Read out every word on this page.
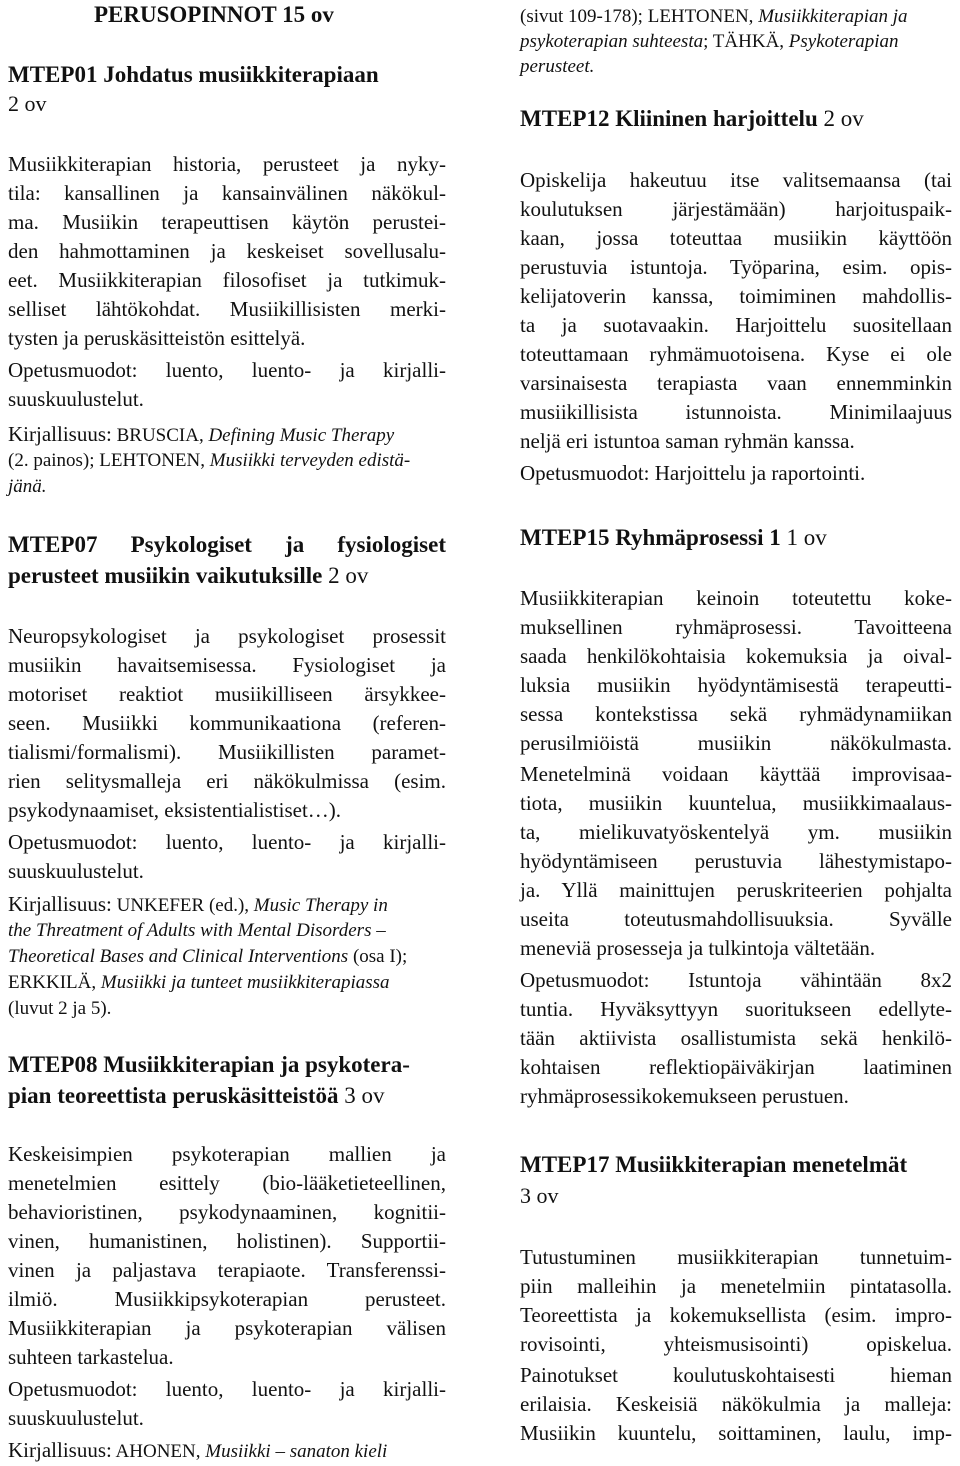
PERUSOPINNOT 15 ov
MTEP01 Johdatus musiikkiterapiaan
2 ov
Musiikkiterapian historia, perusteet ja nyky-
tila: kansallinen ja kansainvälinen näkökul-
ma. Musiikin terapeuttisen käytön perustei-
den hahmottaminen ja keskeiset sovellusalu-
eet. Musiikkiterapian filosofiset ja tutkimuk-
selliset lähtökohdat. Musiikillisisten merki-
tysten ja peruskäsitteistön esittelyä.
Opetusmuodot: luento, luento- ja kirjalli-
suuskuulustelut.
Kirjallisuus: BRUSCIA, Defining Music Therapy
(2. painos); LEHTONEN, Musiikki terveyden edistä-
jänä.
MTEP07 Psykologiset ja fysiologiset
perusteet musiikin vaikutuksille 2 ov
Neuropsykologiset ja psykologiset prosessit
musiikin havaitsemisessa. Fysiologiset ja
motoriset reaktiot musiikilliseen ärsykkee-
seen. Musiikki kommunikaationa (referen-
tialismi/formalismi). Musiikillisten paramet-
rien selitysmalleja eri näkökulmissa (esim.
psykodynaamiset, eksistentialistiset…).
Opetusmuodot: luento, luento- ja kirjalli-
suuskuulustelut.
Kirjallisuus: UNKEFER (ed.), Music Therapy in
the Threatment of Adults with Mental Disorders –
Theoretical Bases and Clinical Interventions (osa I);
ERKKILÄ, Musiikki ja tunteet musiikkiterapiassa
(luvut 2 ja 5).
MTEP08 Musiikkiterapian ja psykotera-
pian teoreettista peruskäsitteistöä 3 ov
Keskeisimpien psykoterapian mallien ja
menetelmien esittely (bio-lääketieteellinen,
behavioristinen, psykodynaaminen, kognitii-
vinen, humanistinen, holistinen). Supportii-
vinen ja paljastava terapiaote. Transferenssi-
ilmiö. Musiikkipsykoterapian perusteet.
Musiikkiterapian ja psykoterapian välisen
suhteen tarkastelua.
Opetusmuodot: luento, luento- ja kirjalli-
suuskuulustelut.
Kirjallisuus: AHONEN, Musiikki – sanaton kieli
(sivut 109-178); LEHTONEN, Musiikkiterapian ja
psykoterapian suhteesta; TÄHKÄ, Psykoterapian
perusteet.
MTEP12 Kliininen harjoittelu 2 ov
Opiskelija hakeutuu itse valitsemaansa (tai
koulutuksen järjestämään) harjoituspaik-
kaan, jossa toteuttaa musiikin käyttöön
perustuvia istuntoja. Työparina, esim. opis-
kelijatoverin kanssa, toimiminen mahdollis-
ta ja suotavaakin. Harjoittelu suositellaan
toteuttamaan ryhmämuotoisena. Kyse ei ole
varsinaisesta terapiasta vaan ennemminkin
musiikillisista istunnoista. Minimilaajuus
neljä eri istuntoa saman ryhmän kanssa.
Opetusmuodot: Harjoittelu ja raportointi.
MTEP15 Ryhmäprosessi 1 1 ov
Musiikkiterapian keinoin toteutettu koke-
muksellinen ryhmäprosessi. Tavoitteena
saada henkilökohtaisia kokemuksia ja oival-
luksia musiikin hyödyntämisestä terapeutti-
sessa kontekstissa sekä ryhmädynamiikan
perusilmiöistä musiikin näkökulmasta.
Menetelminä voidaan käyttää improvisaa-
tiota, musiikin kuuntelua, musiikkimaalaus-
ta, mielikuvatyöskentelyä ym. musiikin
hyödyntämiseen perustuvia lähestymistapo-
ja. Yllä mainittujen peruskriteerien pohjalta
useita toteutusmahdollisuuksia. Syvälle
meneviä prosesseja ja tulkintoja vältetään.
Opetusmuodot: Istuntoja vähintään 8x2
tuntia. Hyväksyttyyn suoritukseen edellyte-
tään aktiivista osallistumista sekä henkilö-
kohtaisen reflektiopäiväkirjan laatiminen
ryhmäprosessikokemukseen perustuen.
MTEP17 Musiikkiterapian menetelmät
3 ov
Tutustuminen musiikkiterapian tunnetuim-
piin malleihin ja menetelmiin pintatasolla.
Teoreettista ja kokemuksellista (esim. impro-
rovisointi, yhteismusisointi) opiskelua.
Painotukset koulutuskohtaisesti hieman
erilaisia. Keskeisiä näkökulmia ja malleja:
Musiikin kuuntelu, soittaminen, laulu, imp-
